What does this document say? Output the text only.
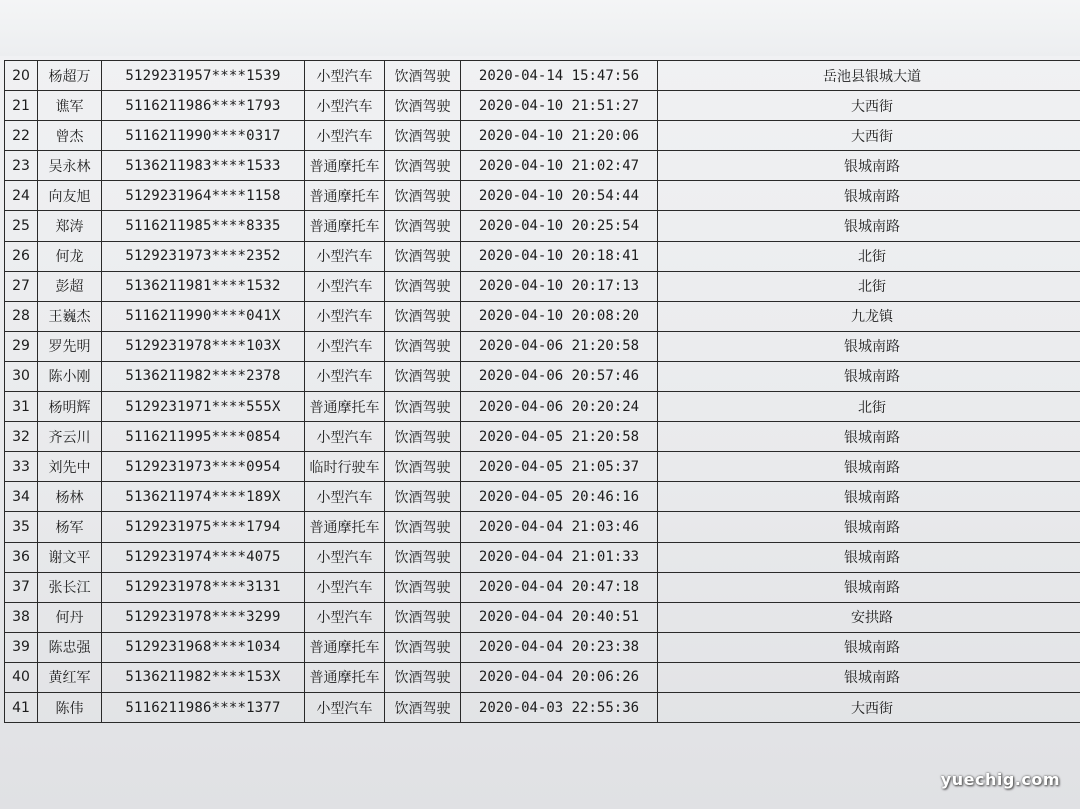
20	杨超万	5129231957****1539	小型汽车	饮酒驾驶	2020-04-14 15:47:56	岳池县银城大道
21	谯军	5116211986****1793	小型汽车	饮酒驾驶	2020-04-10 21:51:27	大西街
22	曾杰	5116211990****0317	小型汽车	饮酒驾驶	2020-04-10 21:20:06	大西街
23	吴永林	5136211983****1533	普通摩托车	饮酒驾驶	2020-04-10 21:02:47	银城南路
24	向友旭	5129231964****1158	普通摩托车	饮酒驾驶	2020-04-10 20:54:44	银城南路
25	郑涛	5116211985****8335	普通摩托车	饮酒驾驶	2020-04-10 20:25:54	银城南路
26	何龙	5129231973****2352	小型汽车	饮酒驾驶	2020-04-10 20:18:41	北街
27	彭超	5136211981****1532	小型汽车	饮酒驾驶	2020-04-10 20:17:13	北街
28	王巍杰	5116211990****041X	小型汽车	饮酒驾驶	2020-04-10 20:08:20	九龙镇
29	罗先明	5129231978****103X	小型汽车	饮酒驾驶	2020-04-06 21:20:58	银城南路
30	陈小刚	5136211982****2378	小型汽车	饮酒驾驶	2020-04-06 20:57:46	银城南路
31	杨明辉	5129231971****555X	普通摩托车	饮酒驾驶	2020-04-06 20:20:24	北街
32	齐云川	5116211995****0854	小型汽车	饮酒驾驶	2020-04-05 21:20:58	银城南路
33	刘先中	5129231973****0954	临时行驶车	饮酒驾驶	2020-04-05 21:05:37	银城南路
34	杨林	5136211974****189X	小型汽车	饮酒驾驶	2020-04-05 20:46:16	银城南路
35	杨军	5129231975****1794	普通摩托车	饮酒驾驶	2020-04-04 21:03:46	银城南路
36	谢文平	5129231974****4075	小型汽车	饮酒驾驶	2020-04-04 21:01:33	银城南路
37	张长江	5129231978****3131	小型汽车	饮酒驾驶	2020-04-04 20:47:18	银城南路
38	何丹	5129231978****3299	小型汽车	饮酒驾驶	2020-04-04 20:40:51	安拱路
39	陈忠强	5129231968****1034	普通摩托车	饮酒驾驶	2020-04-04 20:23:38	银城南路
40	黄红军	5136211982****153X	普通摩托车	饮酒驾驶	2020-04-04 20:06:26	银城南路
41	陈伟	5116211986****1377	小型汽车	饮酒驾驶	2020-04-03 22:55:36	大西街
yuechig.com
